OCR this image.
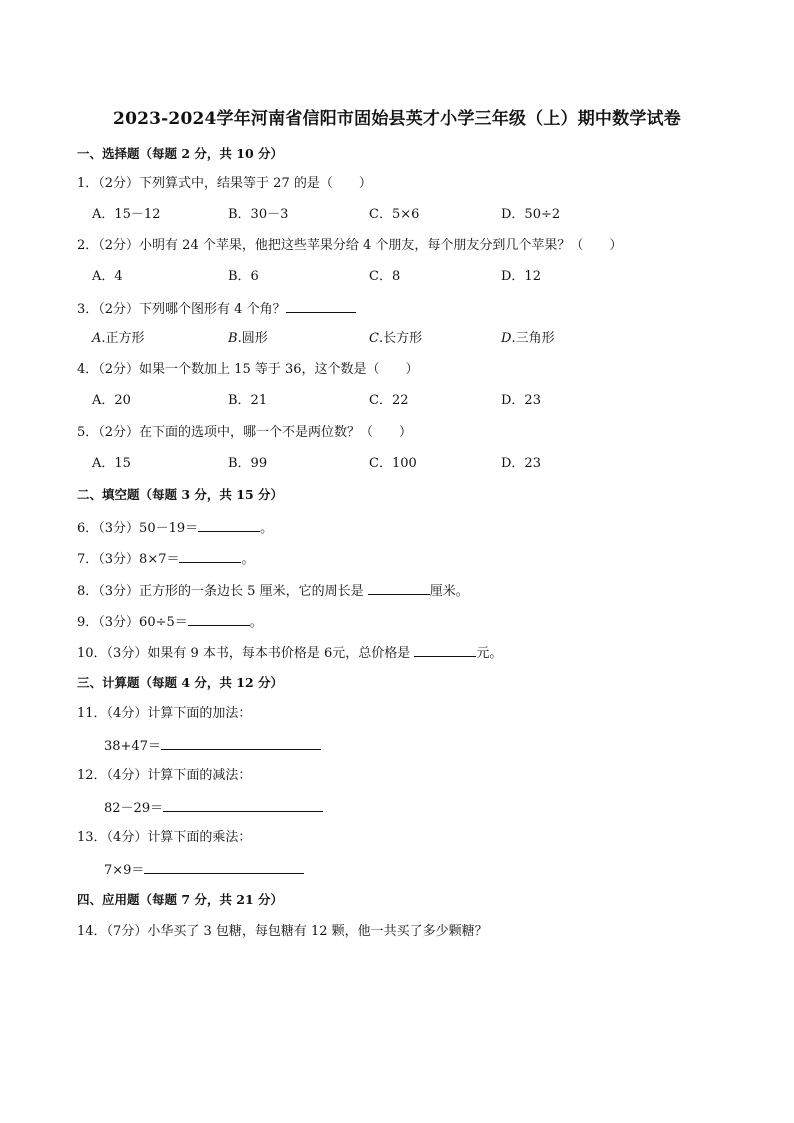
2023-2024学年河南省信阳市固始县英才小学三年级（上）期中数学试卷
一、选择题（每题 2 分，共 10 分）
1．（2分）下列算式中，结果等于 27 的是（　　）
A．15－12	B．30－3	C．5×6	D．50÷2
2．（2分）小明有 24 个苹果，他把这些苹果分给 4 个朋友，每个朋友分到几个苹果？（　　）
A．4	B．6	C．8	D．12
3．（2分）下列哪个图形有 4 个角？
A.正方形	B.圆形	C.长方形	D.三角形
4．（2分）如果一个数加上 15 等于 36，这个数是（　　）
A．20	B．21	C．22	D．23
5．（2分）在下面的选项中，哪一个不是两位数？（　　）
A．15	B．99	C．100	D．23
二、填空题（每题 3 分，共 15 分）
6．（3分）50－19＝	。
7．（3分）8×7＝	。
8．（3分）正方形的一条边长 5 厘米，它的周长是	厘米。
9．（3分）60÷5＝	。
10．（3分）如果有 9 本书，每本书价格是 6元，总价格是	元。
三、计算题（每题 4 分，共 12 分）
11．（4分）计算下面的加法：
38+47＝
12．（4分）计算下面的减法：
82－29＝
13．（4分）计算下面的乘法：
7×9＝
四、应用题（每题 7 分，共 21 分）
14．（7分）小华买了 3 包糖，每包糖有 12 颗，他一共买了多少颗糖？
